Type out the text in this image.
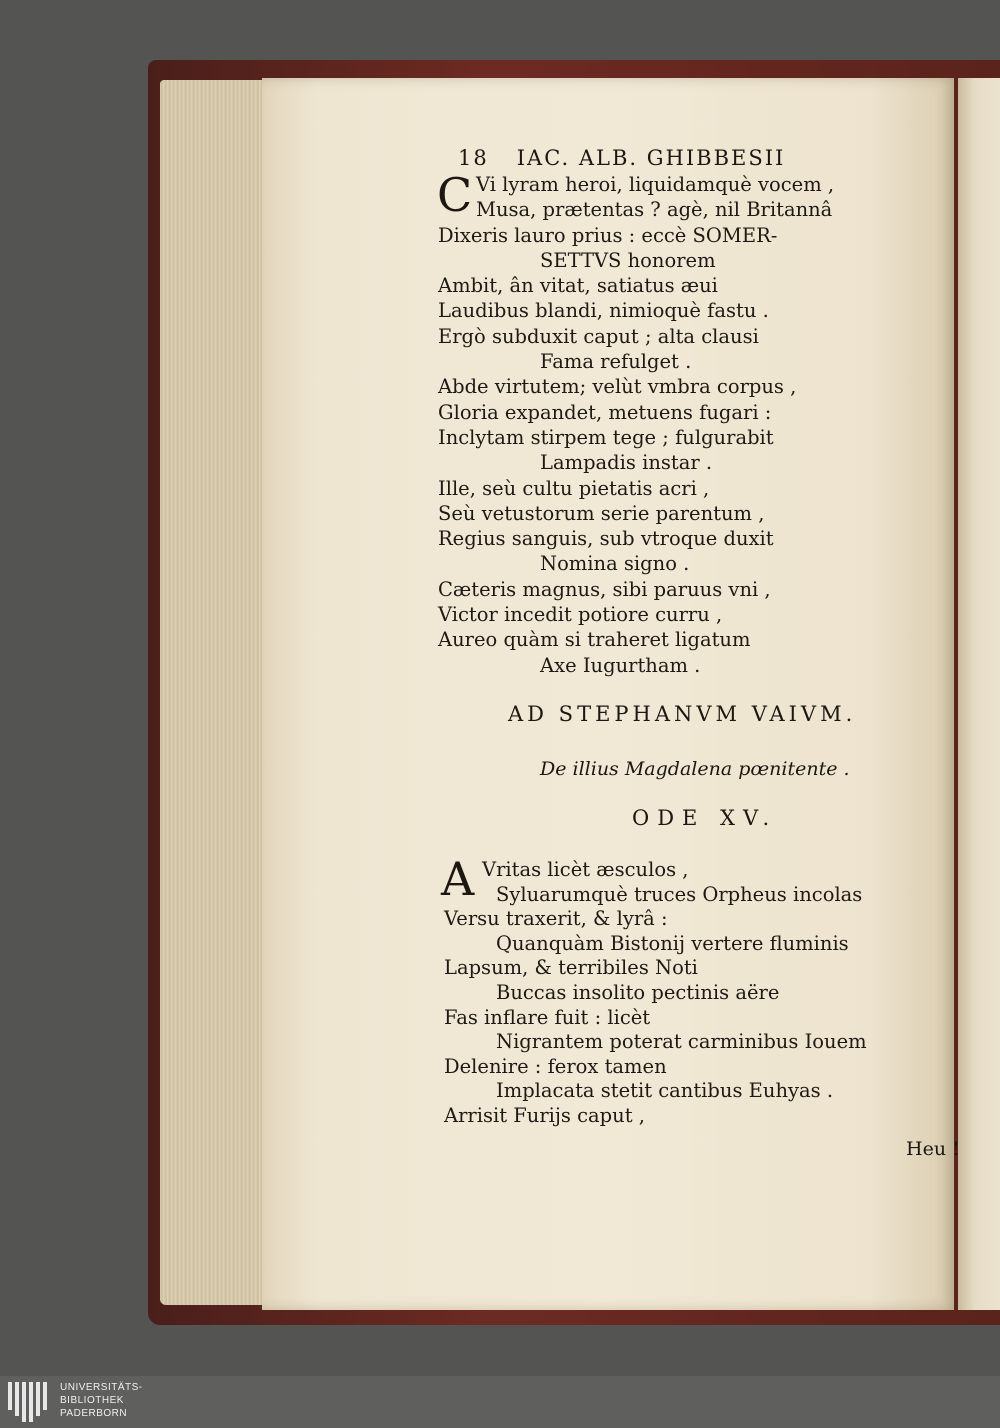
18 IAC. ALB. GHIBBESII
C Vi lyram heroi, liquidamquè vocem ,
Musa, prætentas ? agè, nil Britannâ
Dixeris lauro prius : eccè SOMER-
SETTVS honorem
Ambit, ân vitat, satiatus æui
Laudibus blandi, nimioquè fastu .
Ergò subduxit caput ; alta clausi
Fama refulget .
Abde virtutem; velùt vmbra corpus ,
Gloria expandet, metuens fugari :
Inclytam stirpem tege ; fulgurabit
Lampadis instar .
Ille, seù cultu pietatis acri ,
Seù vetustorum serie parentum ,
Regius sanguis, sub vtroque duxit
Nomina signo .
Cæteris magnus, sibi paruus vni ,
Victor incedit potiore curru ,
Aureo quàm si traheret ligatum
Axe Iugurtham .
AD STEPHANVM VAIVM.
De illius Magdalena pœnitente .
ODE XV.
A Vritas licèt æsculos ,
Syluarumquè truces Orpheus incolas
Versu traxerit, & lyrâ :
Quanquàm Bistonij vertere fluminis
Lapsum, & terribiles Noti
Buccas insolito pectinis aëre
Fas inflare fuit : licèt
Nigrantem poterat carminibus Iouem
Delenire : ferox tamen
Implacata stetit cantibus Euhyas .
Arrisit Furijs caput ,
Heu !
UNIVERSITÄTS-
BIBLIOTHEK
PADERBORN
